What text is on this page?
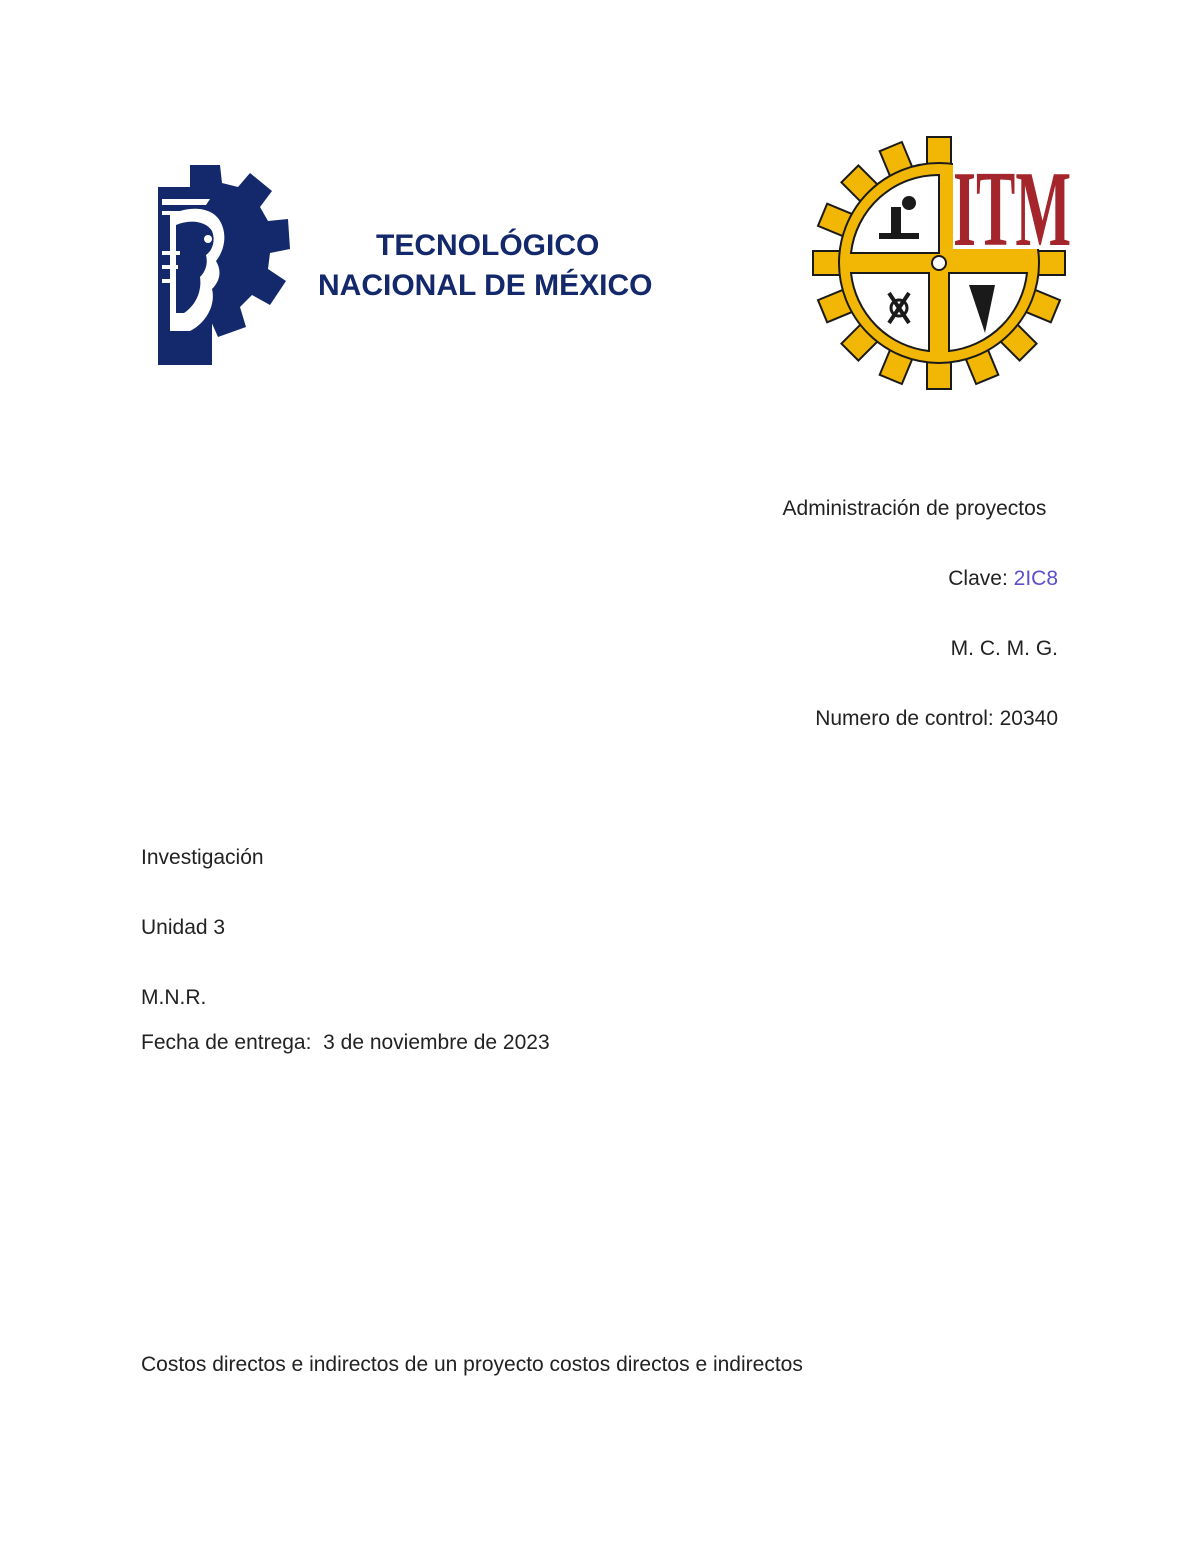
TECNOLÓGICO
NACIONAL DE MÉXICO
ITM
Administración de proyectos
Clave: 2IC8
M. C. M. G.
Numero de control: 20340
Investigación
Unidad 3
M.N.R.
Fecha de entrega:  3 de noviembre de 2023
Costos directos e indirectos de un proyecto costos directos e indirectos
